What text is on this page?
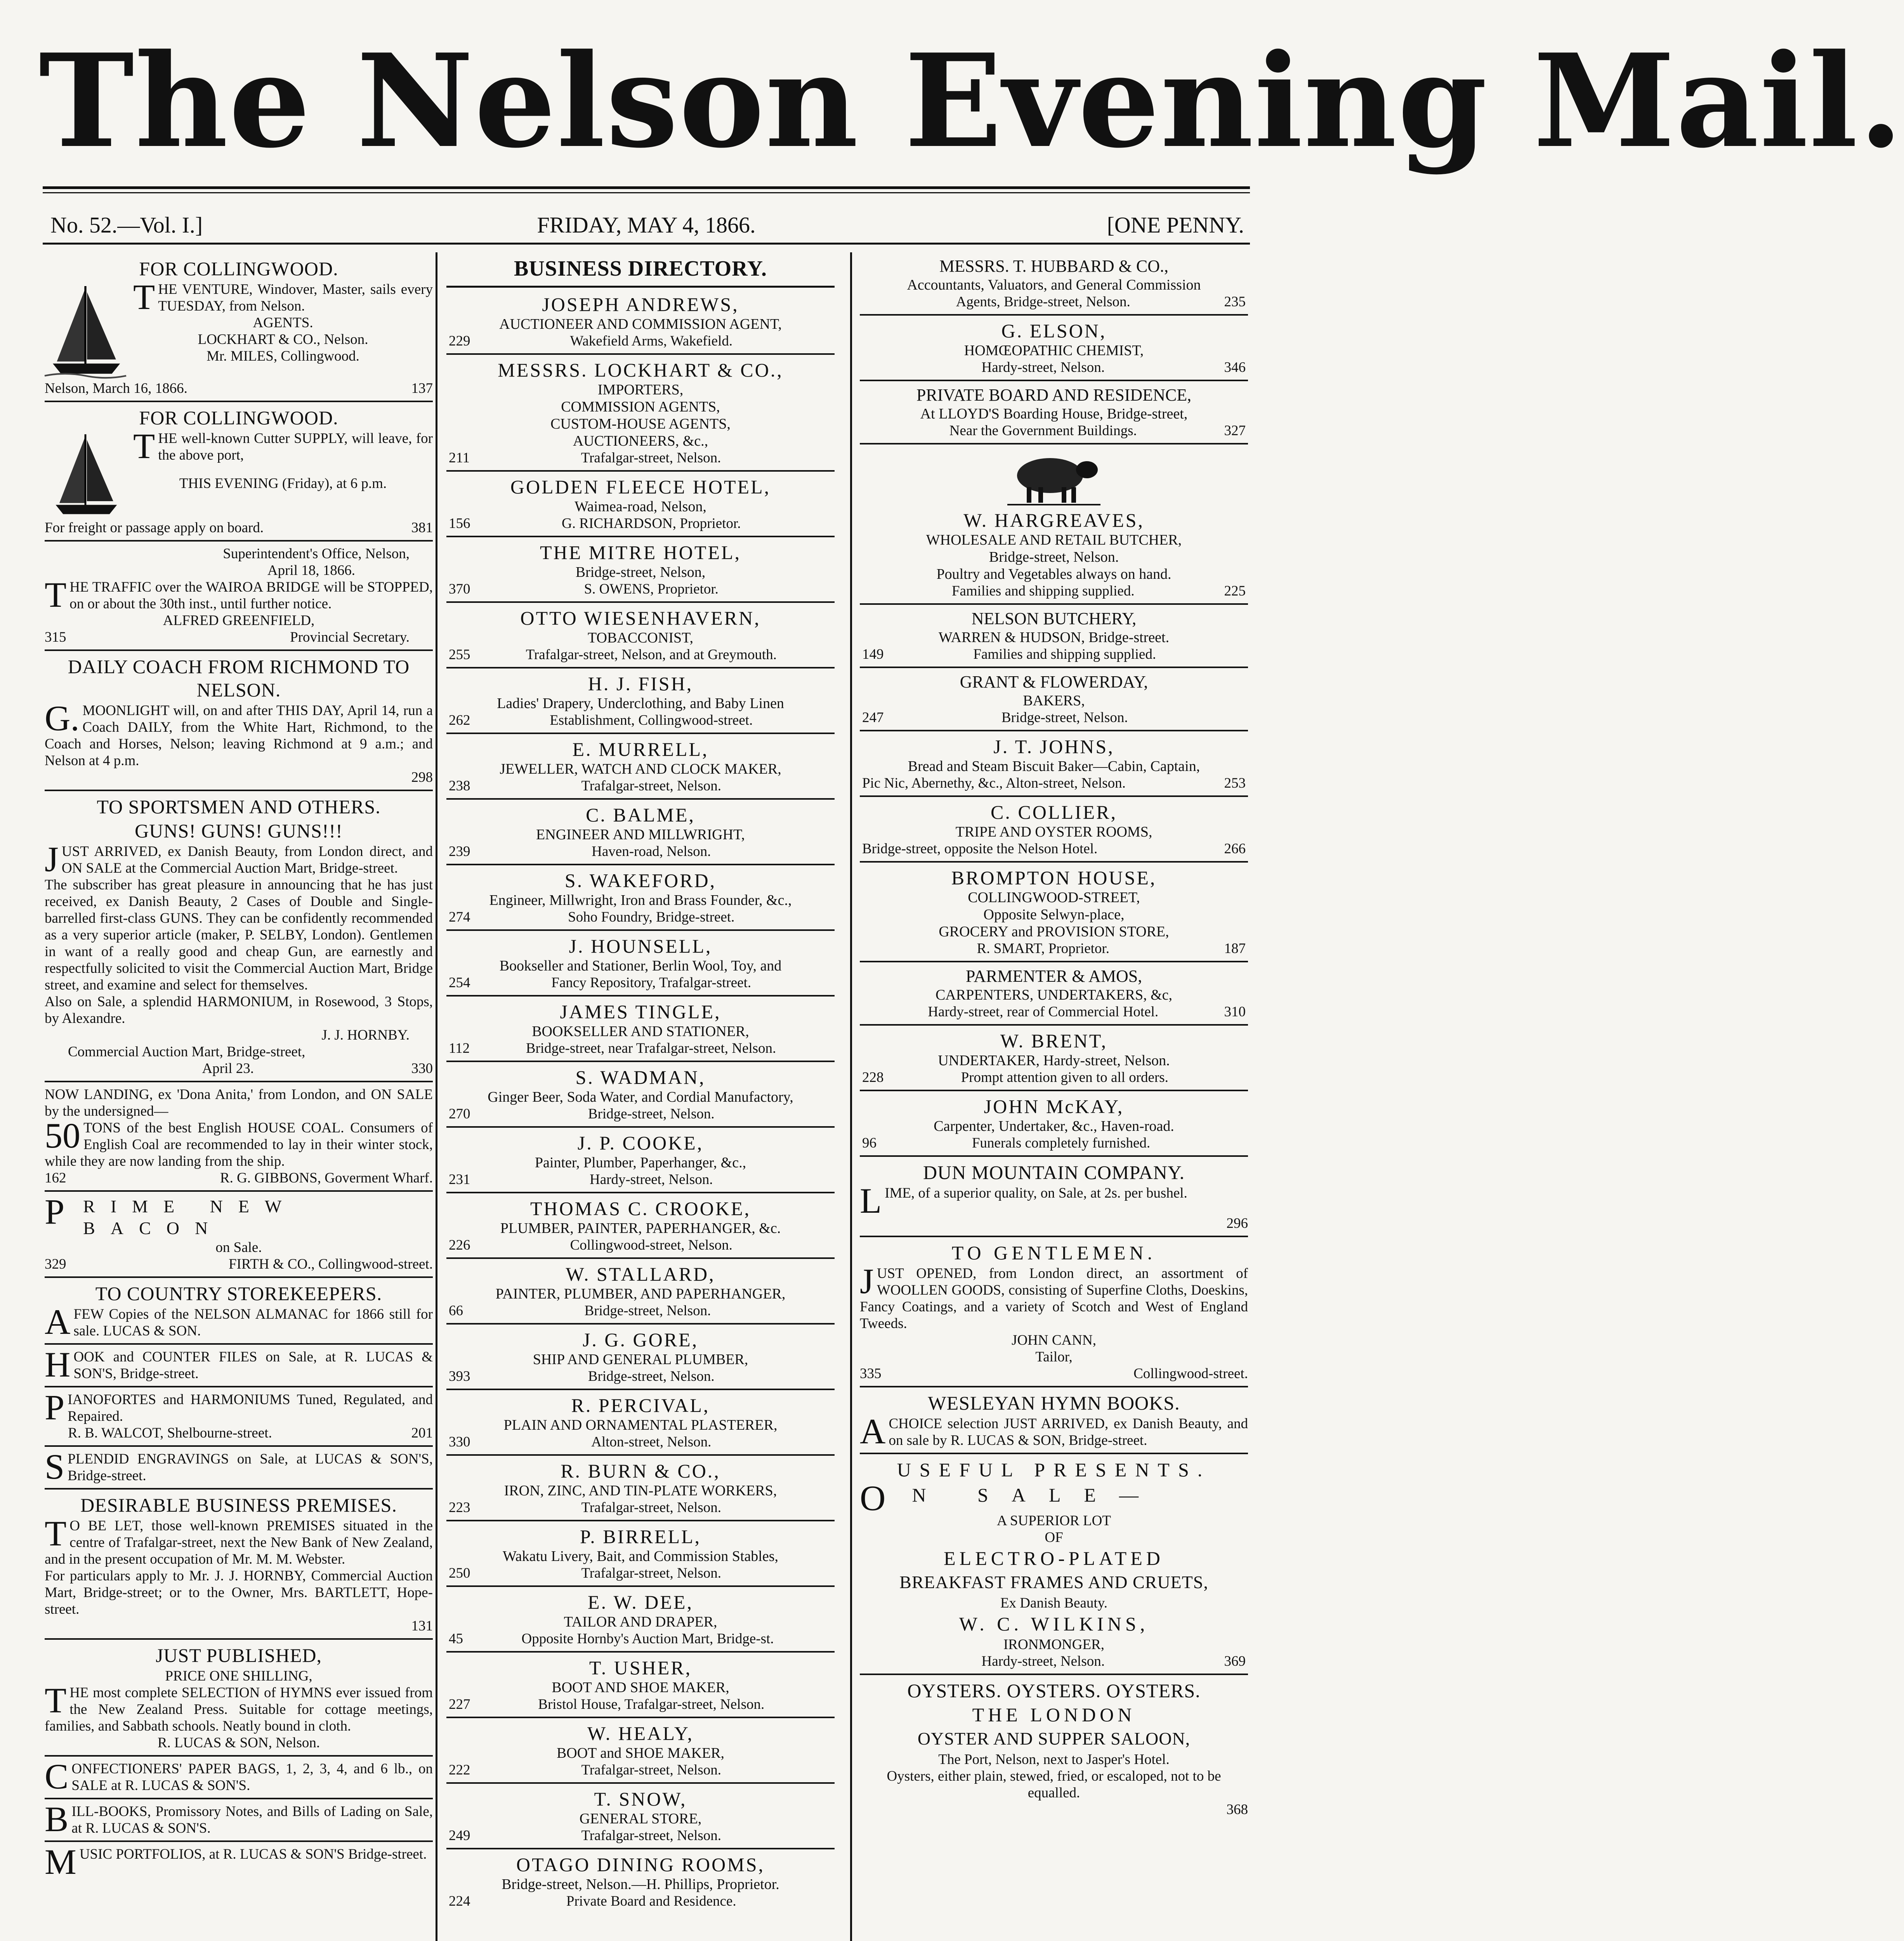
The Nelson Evening Mail.
No. 52.—Vol. I.]	FRIDAY, MAY 4, 1866.	[ONE PENNY.
FOR COLLINGWOOD.

THE VENTURE, Windover, Master, sails every TUESDAY, from Nelson.

AGENTS.
LOCKHART & CO., Nelson.
Mr. MILES, Collingwood.
Nelson, March 16, 1866.	137
FOR COLLINGWOOD.

THE well-known Cutter SUPPLY, will leave, for the above port,

THIS EVENING (Friday), at 6 p.m.
For freight or passage apply on board.	381
Superintendent's Office, Nelson,
April 18, 1866.

THE TRAFFIC over the WAIROA BRIDGE will be STOPPED, on or about the 30th inst., until further notice.

ALFRED GREENFIELD,
315	Provincial Secretary.
DAILY COACH FROM RICHMOND TO NELSON.

G. MOONLIGHT will, on and after THIS DAY, April 14, run a Coach DAILY, from the White Hart, Richmond, to the Coach and Horses, Nelson; leaving Richmond at 9 a.m.; and Nelson at 4 p.m.

298
TO SPORTSMEN AND OTHERS.
GUNS! GUNS! GUNS!!!

JUST ARRIVED, ex Danish Beauty, from London direct, and ON SALE at the Commercial Auction Mart, Bridge-street.

The subscriber has great pleasure in announcing that he has just received, ex Danish Beauty, 2 Cases of Double and Single-barrelled first-class GUNS. They can be confidently recommended as a very superior article (maker, P. SELBY, London). Gentlemen in want of a really good and cheap Gun, are earnestly and respectfully solicited to visit the Commercial Auction Mart, Bridge street, and examine and select for themselves.

Also on Sale, a splendid HARMONIUM, in Rosewood, 3 Stops, by Alexandre.

J. J. HORNBY.
Commercial Auction Mart, Bridge-street,
April 23.	330

NOW LANDING, ex 'Dona Anita,' from London, and ON SALE by the undersigned—

50 TONS of the best English HOUSE COAL. Consumers of English Coal are recommended to lay in their winter stock, while they are now landing from the ship.

162	R. G. GIBBONS, Goverment Wharf.
PRIME NEW BACON
on Sale.
329	FIRTH & CO., Collingwood-street.
TO COUNTRY STOREKEEPERS.

AFEW Copies of the NELSON ALMANAC for 1866 still for sale. LUCAS & SON.

HOOK and COUNTER FILES on Sale, at R. LUCAS & SON'S, Bridge-street.

PIANOFORTES and HARMONIUMS Tuned, Regulated, and Repaired.

R. B. WALCOT, Shelbourne-street.	201

SPLENDID ENGRAVINGS on Sale, at LUCAS & SON'S, Bridge-street.

DESIRABLE BUSINESS PREMISES.

T O BE LET, those well-known PREMISES situated in the centre of Trafalgar-street, next the New Bank of New Zealand, and in the present occupation of Mr. M. M. Webster.

For particulars apply to Mr. J. J. HORNBY, Commercial Auction Mart, Bridge-street; or to the Owner, Mrs. BARTLETT, Hope-street.

131
JUST PUBLISHED,
PRICE ONE SHILLING,

THE most complete SELECTION of HYMNS ever issued from the New Zealand Press. Suitable for cottage meetings, families, and Sabbath schools. Neatly bound in cloth.

R. LUCAS & SON, Nelson.

CONFECTIONERS' PAPER BAGS, 1, 2, 3, 4, and 6 lb., on SALE at R. LUCAS & SON'S.

BILL-BOOKS, Promissory Notes, and Bills of Lading on Sale, at R. LUCAS & SON'S.

MUSIC PORTFOLIOS, at R. LUCAS & SON'S Bridge-street.

BUSINESS DIRECTORY.
JOSEPH ANDREWS,
AUCTIONEER AND COMMISSION AGENT,
229	Wakefield Arms, Wakefield.
MESSRS. LOCKHART & CO.,
IMPORTERS,
COMMISSION AGENTS,
CUSTOM-HOUSE AGENTS,
AUCTIONEERS, &c.,
211	Trafalgar-street, Nelson.
GOLDEN FLEECE HOTEL,
Waimea-road, Nelson,
156	G. RICHARDSON, Proprietor.
THE MITRE HOTEL,
Bridge-street, Nelson,
370	S. OWENS, Proprietor.
OTTO WIESENHAVERN,
TOBACCONIST,
255	Trafalgar-street, Nelson, and at Greymouth.
H. J. FISH,
Ladies' Drapery, Underclothing, and Baby Linen
262	Establishment, Collingwood-street.
E. MURRELL,
JEWELLER, WATCH AND CLOCK MAKER,
238	Trafalgar-street, Nelson.
C. BALME,
ENGINEER AND MILLWRIGHT,
239	Haven-road, Nelson.
S. WAKEFORD,
Engineer, Millwright, Iron and Brass Founder, &c.,
274	Soho Foundry, Bridge-street.
J. HOUNSELL,
Bookseller and Stationer, Berlin Wool, Toy, and
254	Fancy Repository, Trafalgar-street.
JAMES TINGLE,
BOOKSELLER AND STATIONER,
112	Bridge-street, near Trafalgar-street, Nelson.
S. WADMAN,
Ginger Beer, Soda Water, and Cordial Manufactory,
270	Bridge-street, Nelson.
J. P. COOKE,
Painter, Plumber, Paperhanger, &c.,
231	Hardy-street, Nelson.
THOMAS C. CROOKE,
PLUMBER, PAINTER, PAPERHANGER, &c.
226	Collingwood-street, Nelson.
W. STALLARD,
PAINTER, PLUMBER, AND PAPERHANGER,
66	Bridge-street, Nelson.
J. G. GORE,
SHIP AND GENERAL PLUMBER,
393	Bridge-street, Nelson.
R. PERCIVAL,
PLAIN AND ORNAMENTAL PLASTERER,
330	Alton-street, Nelson.
R. BURN & CO.,
IRON, ZINC, AND TIN-PLATE WORKERS,
223	Trafalgar-street, Nelson.
P. BIRRELL,
Wakatu Livery, Bait, and Commission Stables,
250	Trafalgar-street, Nelson.
E. W. DEE,
TAILOR AND DRAPER,
45	Opposite Hornby's Auction Mart, Bridge-st.
T. USHER,
BOOT AND SHOE MAKER,
227	Bristol House, Trafalgar-street, Nelson.
W. HEALY,
BOOT and SHOE MAKER,
222	Trafalgar-street, Nelson.
T. SNOW,
GENERAL STORE,
249	Trafalgar-street, Nelson.
OTAGO DINING ROOMS,
Bridge-street, Nelson.—H. Phillips, Proprietor.
224	Private Board and Residence.
MESSRS. T. HUBBARD & CO.,
Accountants, Valuators, and General Commission
Agents, Bridge-street, Nelson.	235
G. ELSON,
HOMŒOPATHIC CHEMIST,
Hardy-street, Nelson.	346
PRIVATE BOARD AND RESIDENCE,
At LLOYD'S Boarding House, Bridge-street,
Near the Government Buildings.	327
W. HARGREAVES,
WHOLESALE AND RETAIL BUTCHER,
Bridge-street, Nelson.
Poultry and Vegetables always on hand.
Families and shipping supplied.	225
NELSON BUTCHERY,
WARREN & HUDSON, Bridge-street.
149	Families and shipping supplied.
GRANT & FLOWERDAY,
BAKERS,
247	Bridge-street, Nelson.
J. T. JOHNS,
Bread and Steam Biscuit Baker—Cabin, Captain,
Pic Nic, Abernethy, &c., Alton-street, Nelson.	253
C. COLLIER,
TRIPE AND OYSTER ROOMS,
Bridge-street, opposite the Nelson Hotel.	266
BROMPTON HOUSE,
COLLINGWOOD-STREET,
Opposite Selwyn-place,
GROCERY and PROVISION STORE,
R. SMART, Proprietor.	187
PARMENTER & AMOS,
CARPENTERS, UNDERTAKERS, &c,
Hardy-street, rear of Commercial Hotel.	310
W. BRENT,
UNDERTAKER, Hardy-street, Nelson.
228	Prompt attention given to all orders.
JOHN McKAY,
Carpenter, Undertaker, &c., Haven-road.
96	Funerals completely furnished.
DUN MOUNTAIN COMPANY.

LIME, of a superior quality, on Sale, at 2s. per bushel.

296
TO GENTLEMEN.

JUST OPENED, from London direct, an assortment of WOOLLEN GOODS, consisting of Superfine Cloths, Doeskins, Fancy Coatings, and a variety of Scotch and West of England Tweeds.

JOHN CANN,
Tailor,
335	Collingwood-street.
WESLEYAN HYMN BOOKS.

ACHOICE selection JUST ARRIVED, ex Danish Beauty, and on sale by R. LUCAS & SON, Bridge-street.

USEFUL PRESENTS.
O N SALE—
A SUPERIOR LOT
OF
ELECTRO-PLATED
BREAKFAST FRAMES AND CRUETS,
Ex Danish Beauty.
W. C. WILKINS,
IRONMONGER,
Hardy-street, Nelson.	369
OYSTERS. OYSTERS. OYSTERS.
THE LONDON
OYSTER AND SUPPER SALOON,
The Port, Nelson, next to Jasper's Hotel.
Oysters, either plain, stewed, fried, or escaloped, not to be equalled.
368
